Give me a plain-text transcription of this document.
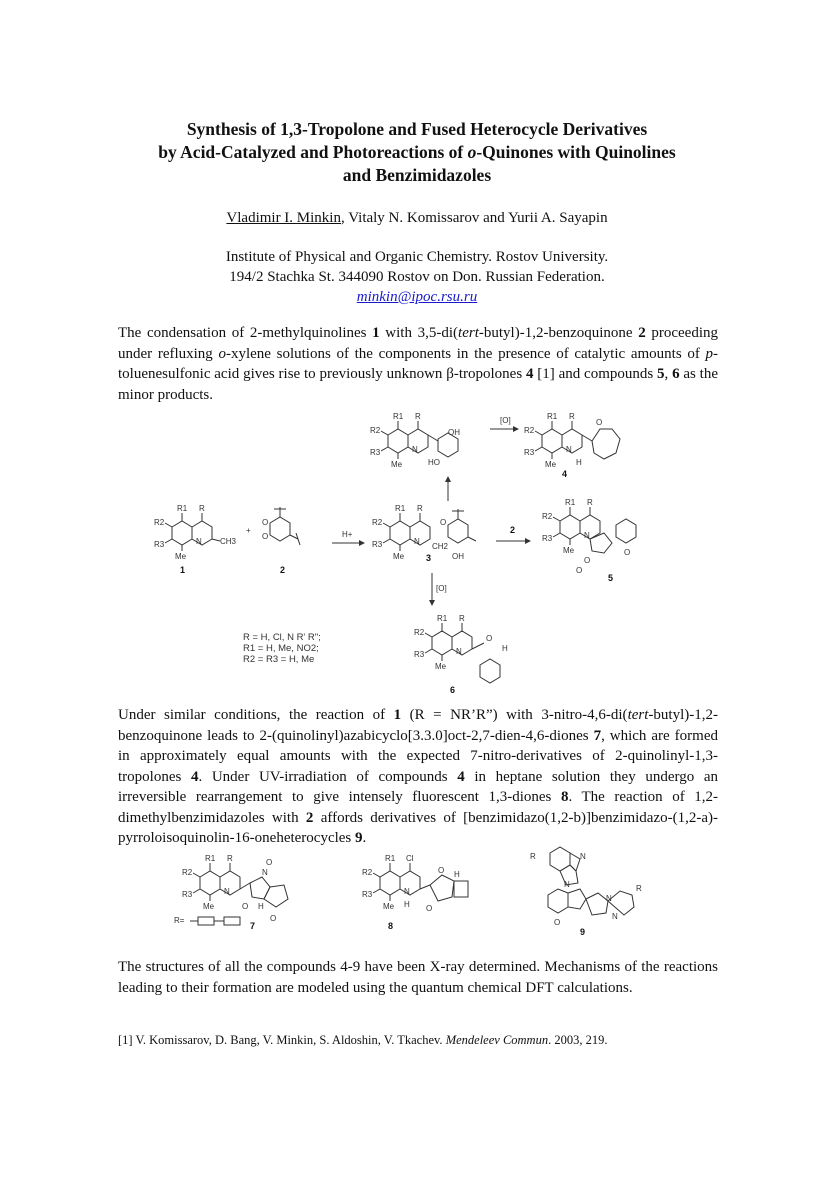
Synthesis of 1,3-Tropolone and Fused Heterocycle Derivatives
by Acid-Catalyzed and Photoreactions of o-Quinones with Quinolines
and Benzimidazoles
Vladimir I. Minkin, Vitaly N. Komissarov and Yurii A. Sayapin
Institute of Physical and Organic Chemistry. Rostov University.
194/2 Stachka St. 344090 Rostov on Don. Russian Federation.
minkin@ipoc.rsu.ru
The condensation of 2-methylquinolines 1 with 3,5-di(tert-butyl)-1,2-benzoquinone 2 proceeding under refluxing o-xylene solutions of the components in the presence of catalytic amounts of p-toluenesulfonic acid gives rise to previously unknown β-tropolones 4 [1] and compounds 5, 6 as the minor products.
R1 R
R2
R3
Me
N CH3
1
+
O
O
2
H+
R1 R
R2
R3
Me
N
CH2
O
OH
3
[O]
R1 R
R2
R3
Me
N
OH
HO
[O]	R1 R
R2
R3
Me
N
O
H
4
2
R1 R
R2
R3
Me
N
O
O
O
5
R1 R
R2
R3
Me
N
O
H
6
R = H, Cl, N R' R";
R1 = H, Me, NO2;
R2 = R3 = H, Me
Under similar conditions, the reaction of 1 (R = NR’R”) with 3-nitro-4,6-di(tert-butyl)-1,2-benzoquinone leads to 2-(quinolinyl)azabicyclo[3.3.0]oct-2,7-dien-4,6-diones 7, which are formed in approximately equal amounts with the expected 7-nitro-derivatives of 2-quinolinyl-1,3-tropolones 4. Under UV-irradiation of compounds 4 in heptane solution they undergo an irreversible rearrangement to give intensely fluorescent 1,3-diones 8. The reaction of 1,2-dimethylbenzimidazoles with 2 affords derivatives of [benzimidazo(1,2-b)]benzimidazo-(1,2-a)-pyrroloisoquinolin-16-oneheterocycles 9.
R1 R
R2
R3
Me
N
N
O
O H
O
R=
7
R1 Cl
R2
R3
Me
N
H
O
O
H
8
R	N
N
N
N
R
O
9
The structures of all the compounds 4-9 have been X-ray determined. Mechanisms of the reactions leading to their formation are modeled using the quantum chemical DFT calculations.
[1] V. Komissarov, D. Bang, V. Minkin, S. Aldoshin, V. Tkachev. Mendeleev Commun. 2003, 219.
